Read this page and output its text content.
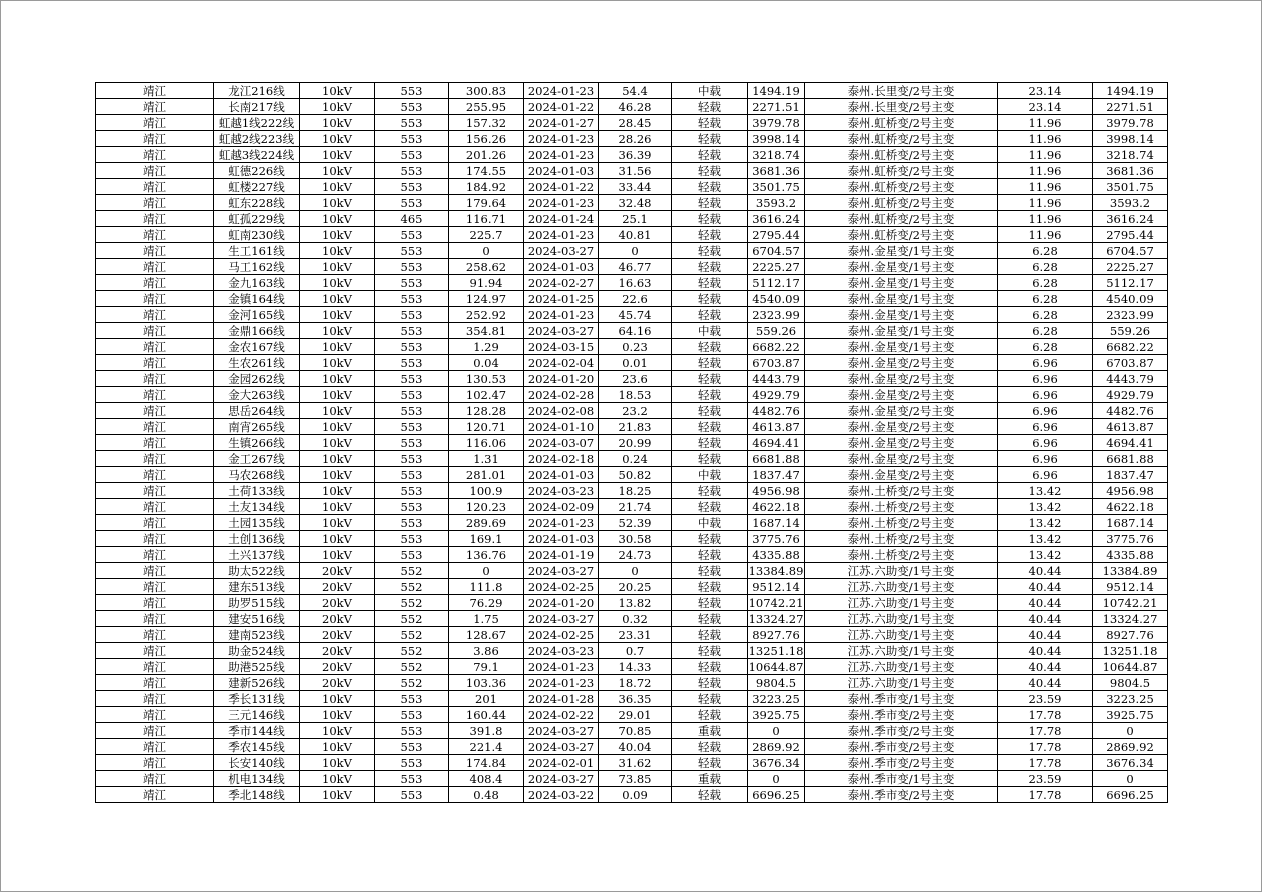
靖江	龙江216线	10kV	553	300.83	2024-01-23	54.4	中载	1494.19	泰州.长里变/2号主变	23.14	1494.19
靖江	长南217线	10kV	553	255.95	2024-01-22	46.28	轻载	2271.51	泰州.长里变/2号主变	23.14	2271.51
靖江	虹越1线222线	10kV	553	157.32	2024-01-27	28.45	轻载	3979.78	泰州.虹桥变/2号主变	11.96	3979.78
靖江	虹越2线223线	10kV	553	156.26	2024-01-23	28.26	轻载	3998.14	泰州.虹桥变/2号主变	11.96	3998.14
靖江	虹越3线224线	10kV	553	201.26	2024-01-23	36.39	轻载	3218.74	泰州.虹桥变/2号主变	11.96	3218.74
靖江	虹德226线	10kV	553	174.55	2024-01-03	31.56	轻载	3681.36	泰州.虹桥变/2号主变	11.96	3681.36
靖江	虹楼227线	10kV	553	184.92	2024-01-22	33.44	轻载	3501.75	泰州.虹桥变/2号主变	11.96	3501.75
靖江	虹东228线	10kV	553	179.64	2024-01-23	32.48	轻载	3593.2	泰州.虹桥变/2号主变	11.96	3593.2
靖江	虹孤229线	10kV	465	116.71	2024-01-24	25.1	轻载	3616.24	泰州.虹桥变/2号主变	11.96	3616.24
靖江	虹南230线	10kV	553	225.7	2024-01-23	40.81	轻载	2795.44	泰州.虹桥变/2号主变	11.96	2795.44
靖江	生工161线	10kV	553	0	2024-03-27	0	轻载	6704.57	泰州.金星变/1号主变	6.28	6704.57
靖江	马工162线	10kV	553	258.62	2024-01-03	46.77	轻载	2225.27	泰州.金星变/1号主变	6.28	2225.27
靖江	金九163线	10kV	553	91.94	2024-02-27	16.63	轻载	5112.17	泰州.金星变/1号主变	6.28	5112.17
靖江	金镇164线	10kV	553	124.97	2024-01-25	22.6	轻载	4540.09	泰州.金星变/1号主变	6.28	4540.09
靖江	金河165线	10kV	553	252.92	2024-01-23	45.74	轻载	2323.99	泰州.金星变/1号主变	6.28	2323.99
靖江	金鼎166线	10kV	553	354.81	2024-03-27	64.16	中载	559.26	泰州.金星变/1号主变	6.28	559.26
靖江	金农167线	10kV	553	1.29	2024-03-15	0.23	轻载	6682.22	泰州.金星变/1号主变	6.28	6682.22
靖江	生农261线	10kV	553	0.04	2024-02-04	0.01	轻载	6703.87	泰州.金星变/2号主变	6.96	6703.87
靖江	金园262线	10kV	553	130.53	2024-01-20	23.6	轻载	4443.79	泰州.金星变/2号主变	6.96	4443.79
靖江	金大263线	10kV	553	102.47	2024-02-28	18.53	轻载	4929.79	泰州.金星变/2号主变	6.96	4929.79
靖江	思岳264线	10kV	553	128.28	2024-02-08	23.2	轻载	4482.76	泰州.金星变/2号主变	6.96	4482.76
靖江	南宵265线	10kV	553	120.71	2024-01-10	21.83	轻载	4613.87	泰州.金星变/2号主变	6.96	4613.87
靖江	生镇266线	10kV	553	116.06	2024-03-07	20.99	轻载	4694.41	泰州.金星变/2号主变	6.96	4694.41
靖江	金工267线	10kV	553	1.31	2024-02-18	0.24	轻载	6681.88	泰州.金星变/2号主变	6.96	6681.88
靖江	马农268线	10kV	553	281.01	2024-01-03	50.82	中载	1837.47	泰州.金星变/2号主变	6.96	1837.47
靖江	土荷133线	10kV	553	100.9	2024-03-23	18.25	轻载	4956.98	泰州.土桥变/2号主变	13.42	4956.98
靖江	土友134线	10kV	553	120.23	2024-02-09	21.74	轻载	4622.18	泰州.土桥变/2号主变	13.42	4622.18
靖江	土园135线	10kV	553	289.69	2024-01-23	52.39	中载	1687.14	泰州.土桥变/2号主变	13.42	1687.14
靖江	土创136线	10kV	553	169.1	2024-01-03	30.58	轻载	3775.76	泰州.土桥变/2号主变	13.42	3775.76
靖江	土兴137线	10kV	553	136.76	2024-01-19	24.73	轻载	4335.88	泰州.土桥变/2号主变	13.42	4335.88
靖江	助太522线	20kV	552	0	2024-03-27	0	轻载	13384.89	江苏.六助变/1号主变	40.44	13384.89
靖江	建东513线	20kV	552	111.8	2024-02-25	20.25	轻载	9512.14	江苏.六助变/1号主变	40.44	9512.14
靖江	助罗515线	20kV	552	76.29	2024-01-20	13.82	轻载	10742.21	江苏.六助变/1号主变	40.44	10742.21
靖江	建安516线	20kV	552	1.75	2024-03-27	0.32	轻载	13324.27	江苏.六助变/1号主变	40.44	13324.27
靖江	建南523线	20kV	552	128.67	2024-02-25	23.31	轻载	8927.76	江苏.六助变/1号主变	40.44	8927.76
靖江	助金524线	20kV	552	3.86	2024-03-23	0.7	轻载	13251.18	江苏.六助变/1号主变	40.44	13251.18
靖江	助港525线	20kV	552	79.1	2024-01-23	14.33	轻载	10644.87	江苏.六助变/1号主变	40.44	10644.87
靖江	建新526线	20kV	552	103.36	2024-01-23	18.72	轻载	9804.5	江苏.六助变/1号主变	40.44	9804.5
靖江	季长131线	10kV	553	201	2024-01-28	36.35	轻载	3223.25	泰州.季市变/1号主变	23.59	3223.25
靖江	三元146线	10kV	553	160.44	2024-02-22	29.01	轻载	3925.75	泰州.季市变/2号主变	17.78	3925.75
靖江	季市144线	10kV	553	391.8	2024-03-27	70.85	重载	0	泰州.季市变/2号主变	17.78	0
靖江	季农145线	10kV	553	221.4	2024-03-27	40.04	轻载	2869.92	泰州.季市变/2号主变	17.78	2869.92
靖江	长安140线	10kV	553	174.84	2024-02-01	31.62	轻载	3676.34	泰州.季市变/2号主变	17.78	3676.34
靖江	机电134线	10kV	553	408.4	2024-03-27	73.85	重载	0	泰州.季市变/1号主变	23.59	0
靖江	季北148线	10kV	553	0.48	2024-03-22	0.09	轻载	6696.25	泰州.季市变/2号主变	17.78	6696.25
